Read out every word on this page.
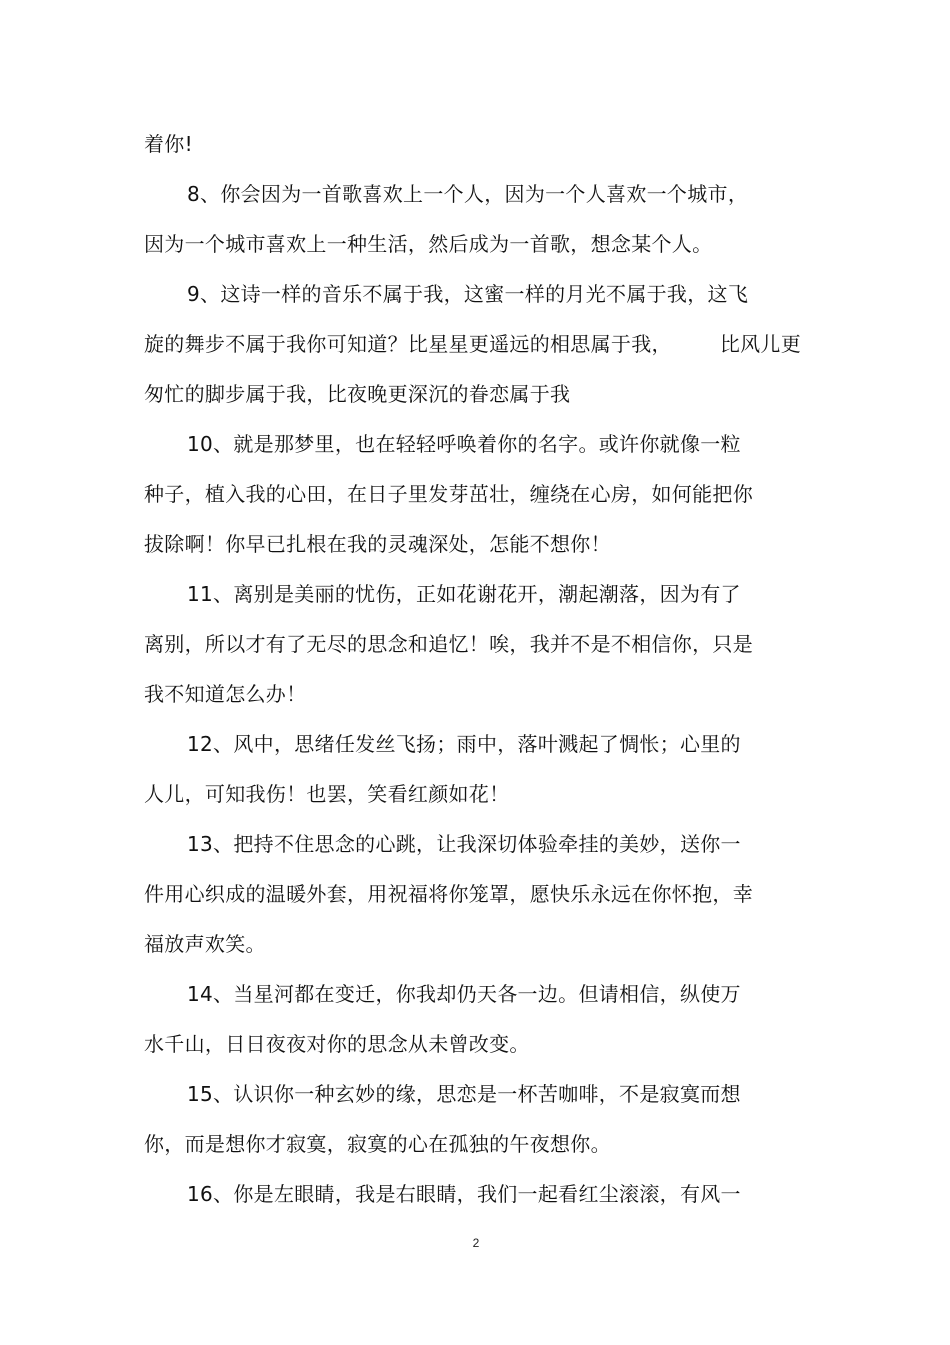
着你!
8、你会因为一首歌喜欢上一个人，因为一个人喜欢一个城市，
因为一个城市喜欢上一种生活，然后成为一首歌，想念某个人。
9、这诗一样的音乐不属于我，这蜜一样的月光不属于我，这飞
旋的舞步不属于我你可知道？比星星更遥远的相思属于我， 比风儿更
匆忙的脚步属于我，比夜晚更深沉的眷恋属于我
10、就是那梦里，也在轻轻呼唤着你的名字。或许你就像一粒
种子，植入我的心田，在日子里发芽茁壮，缠绕在心房，如何能把你
拔除啊！你早已扎根在我的灵魂深处，怎能不想你！
11、离别是美丽的忧伤，正如花谢花开，潮起潮落，因为有了
离别，所以才有了无尽的思念和追忆！唉，我并不是不相信你，只是
我不知道怎么办！
12、风中，思绪任发丝飞扬；雨中，落叶溅起了惆怅；心里的
人儿，可知我伤！也罢，笑看红颜如花！
13、把持不住思念的心跳，让我深切体验牵挂的美妙，送你一
件用心织成的温暖外套，用祝福将你笼罩，愿快乐永远在你怀抱，幸
福放声欢笑。
14、当星河都在变迁，你我却仍天各一边。但请相信，纵使万
水千山，日日夜夜对你的思念从未曾改变。
15、认识你一种玄妙的缘，思恋是一杯苦咖啡，不是寂寞而想
你，而是想你才寂寞，寂寞的心在孤独的午夜想你。
16、你是左眼睛，我是右眼睛，我们一起看红尘滚滚，有风一
2
